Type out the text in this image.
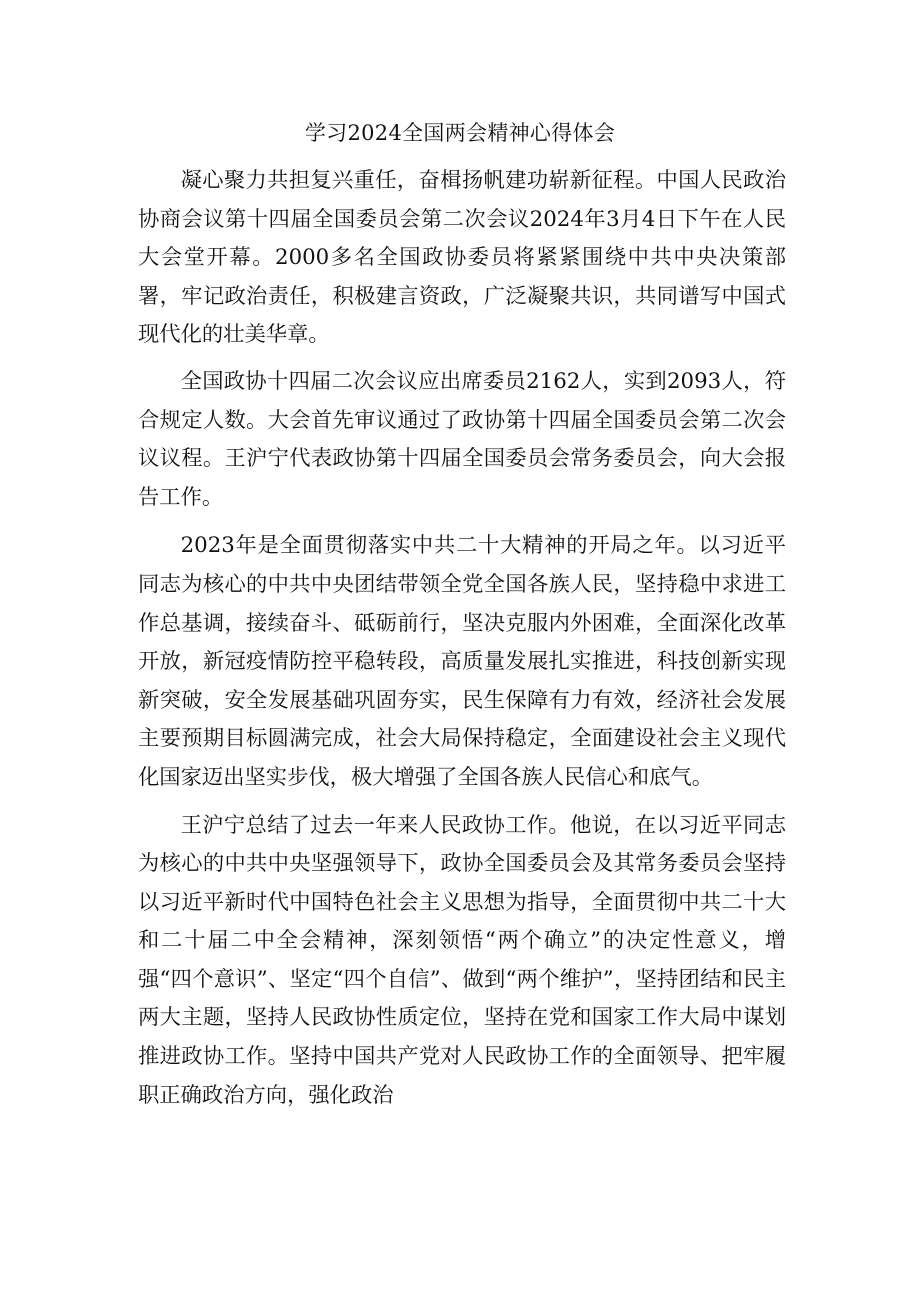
学习2024全国两会精神心得体会

凝心聚力共担复兴重任，奋楫扬帆建功崭新征程。中国人民政治协商会议第十四届全国委员会第二次会议2024年3月4日下午在人民大会堂开幕。2000多名全国政协委员将紧紧围绕中共中央决策部署，牢记政治责任，积极建言资政，广泛凝聚共识，共同谱写中国式现代化的壮美华章。

全国政协十四届二次会议应出席委员2162人，实到2093人，符合规定人数。大会首先审议通过了政协第十四届全国委员会第二次会议议程。王沪宁代表政协第十四届全国委员会常务委员会，向大会报告工作。

2023年是全面贯彻落实中共二十大精神的开局之年。以习近平同志为核心的中共中央团结带领全党全国各族人民，坚持稳中求进工作总基调，接续奋斗、砥砺前行，坚决克服内外困难，全面深化改革开放，新冠疫情防控平稳转段，高质量发展扎实推进，科技创新实现新突破，安全发展基础巩固夯实，民生保障有力有效，经济社会发展主要预期目标圆满完成，社会大局保持稳定，全面建设社会主义现代化国家迈出坚实步伐，极大增强了全国各族人民信心和底气。

王沪宁总结了过去一年来人民政协工作。他说，在以习近平同志为核心的中共中央坚强领导下，政协全国委员会及其常务委员会坚持以习近平新时代中国特色社会主义思想为指导，全面贯彻中共二十大和二十届二中全会精神，深刻领悟“两个确立”的决定性意义，增强“四个意识”、坚定“四个自信”、做到“两个维护”，坚持团结和民主两大主题，坚持人民政协性质定位，坚持在党和国家工作大局中谋划推进政协工作。坚持中国共产党对人民政协工作的全面领导、把牢履职正确政治方向，强化政治
